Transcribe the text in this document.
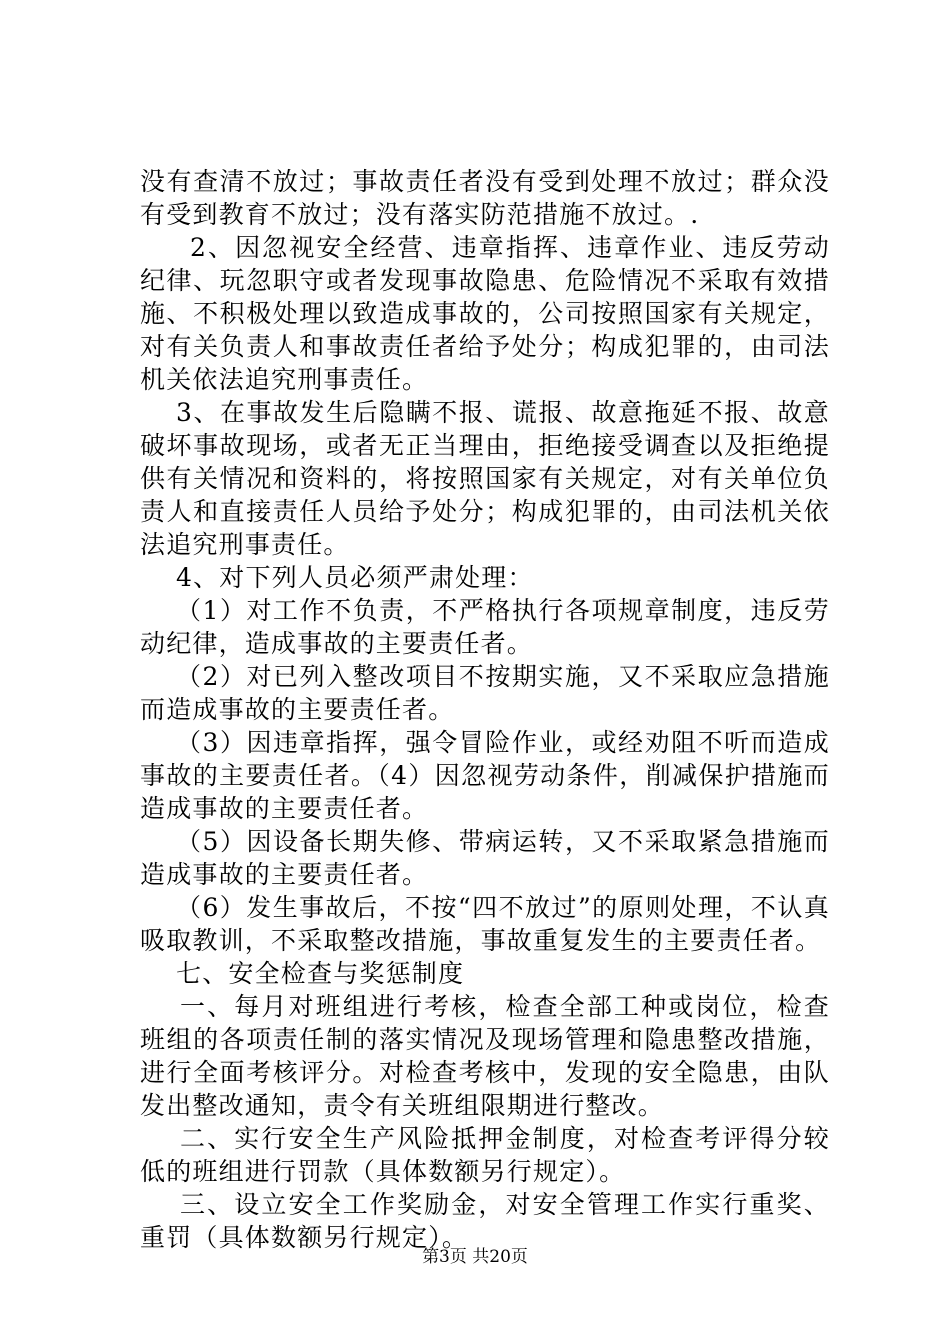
没有查清不放过；事故责任者没有受到处理不放过；群众没有受到教育不放过；没有落实防范措施不放过。.

2、因忽视安全经营、违章指挥、违章作业、违反劳动纪律、玩忽职守或者发现事故隐患、危险情况不采取有效措施、不积极处理以致造成事故的，公司按照国家有关规定，对有关负责人和事故责任者给予处分；构成犯罪的，由司法机关依法追究刑事责任。

3、在事故发生后隐瞒不报、谎报、故意拖延不报、故意破坏事故现场，或者无正当理由，拒绝接受调查以及拒绝提供有关情况和资料的，将按照国家有关规定，对有关单位负责人和直接责任人员给予处分；构成犯罪的，由司法机关依法追究刑事责任。

4、对下列人员必须严肃处理：

（1）对工作不负责，不严格执行各项规章制度，违反劳动纪律，造成事故的主要责任者。

（2）对已列入整改项目不按期实施，又不采取应急措施而造成事故的主要责任者。

（3）因违章指挥，强令冒险作业，或经劝阻不听而造成事故的主要责任者。（4）因忽视劳动条件，削减保护措施而造成事故的主要责任者。

（5）因设备长期失修、带病运转，又不采取紧急措施而造成事故的主要责任者。

（6）发生事故后，不按“四不放过”的原则处理，不认真吸取教训，不采取整改措施，事故重复发生的主要责任者。

七、安全检查与奖惩制度

一、每月对班组进行考核，检查全部工种或岗位，检查班组的各项责任制的落实情况及现场管理和隐患整改措施，进行全面考核评分。对检查考核中，发现的安全隐患，由队发出整改通知，责令有关班组限期进行整改。

二、实行安全生产风险抵押金制度，对检查考评得分较低的班组进行罚款（具体数额另行规定）。

三、设立安全工作奖励金，对安全管理工作实行重奖、重罚（具体数额另行规定）。

第3页 共20页
